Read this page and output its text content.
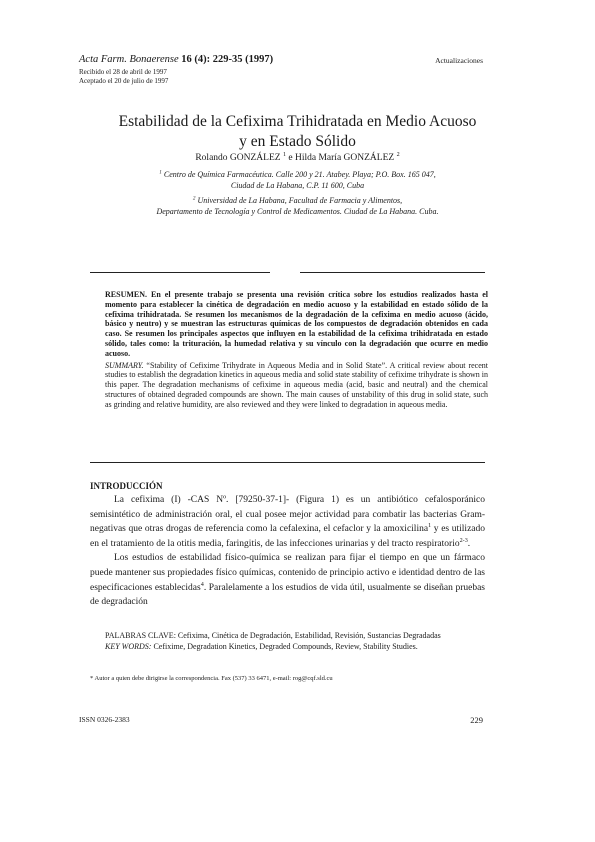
Acta Farm. Bonaerense 16 (4): 229-35 (1997)	Actualizaciones
Recibido el 28 de abril de 1997
Aceptado el 20 de julio de 1997
Estabilidad de la Cefixima Trihidratada en Medio Acuoso
y en Estado Sólido
Rolando GONZÁLEZ $^1$ e Hilda María GONZÁLEZ $^2$
$^1$ Centro de Química Farmacéutica. Calle 200 y 21. Atabey. Playa; P.O. Box. 165 047,
Ciudad de La Habana, C.P. 11 600, Cuba
$^2$ Universidad de La Habana, Facultad de Farmacia y Alimentos,
Departamento de Tecnología y Control de Medicamentos. Ciudad de La Habana. Cuba.

RESUMEN. En el presente trabajo se presenta una revisión crítica sobre los estudios realizados hasta el momento para establecer la cinética de degradación en medio acuoso y la estabilidad en estado sólido de la cefixima trihidratada. Se resumen los mecanismos de la degradación de la cefixima en medio acuoso (ácido, básico y neutro) y se muestran las estructuras químicas de los compuestos de degradación obtenidos en cada caso. Se resumen los principales aspectos que influyen en la estabilidad de la cefixima trihidratada en estado sólido, tales como: la trituración, la humedad relativa y su vínculo con la degradación que ocurre en medio acuoso.

SUMMARY. “Stability of Cefixime Trihydrate in Aqueous Media and in Solid State”. A critical review about recent studies to establish the degradation kinetics in aqueous media and solid state stability of cefixime trihydrate is shown in this paper. The degradation mechanisms of cefixime in aqueous media (acid, basic and neutral) and the chemical structures of obtained degraded compounds are shown. The main causes of unstability of this drug in solid state, such as grinding and relative humidity, are also reviewed and they were linked to degradation in aqueous media.

INTRODUCCIÓN

La cefixima (I) -CAS Nº. [79250-37-1]- (Figura 1) es un antibiótico cefalosporánico semisintético de administración oral, el cual posee mejor actividad para combatir las bacterias Gram-negativas que otras drogas de referencia como la cefalexina, el cefaclor y la amoxicilina$^1$ y es utilizado en el tratamiento de la otitis media, faringitis, de las infecciones urinarias y del tracto respiratorio$^{2-3}$.

Los estudios de estabilidad físico-química se realizan para fijar el tiempo en que un fármaco puede mantener sus propiedades físico químicas, contenido de principio activo e identidad dentro de las especificaciones establecidas$^4$. Paralelamente a los estudios de vida útil, usualmente se diseñan pruebas de degradación

PALABRAS CLAVE: Cefixima, Cinética de Degradación, Estabilidad, Revisión, Sustancias Degradadas

KEY WORDS: Cefixime, Degradation Kinetics, Degraded Compounds, Review, Stability Studies.

* Autor a quien debe dirigirse la correspondencia. Fax (537) 33 6471, e-mail: rog@cqf.sld.cu
ISSN 0326-2383	229
